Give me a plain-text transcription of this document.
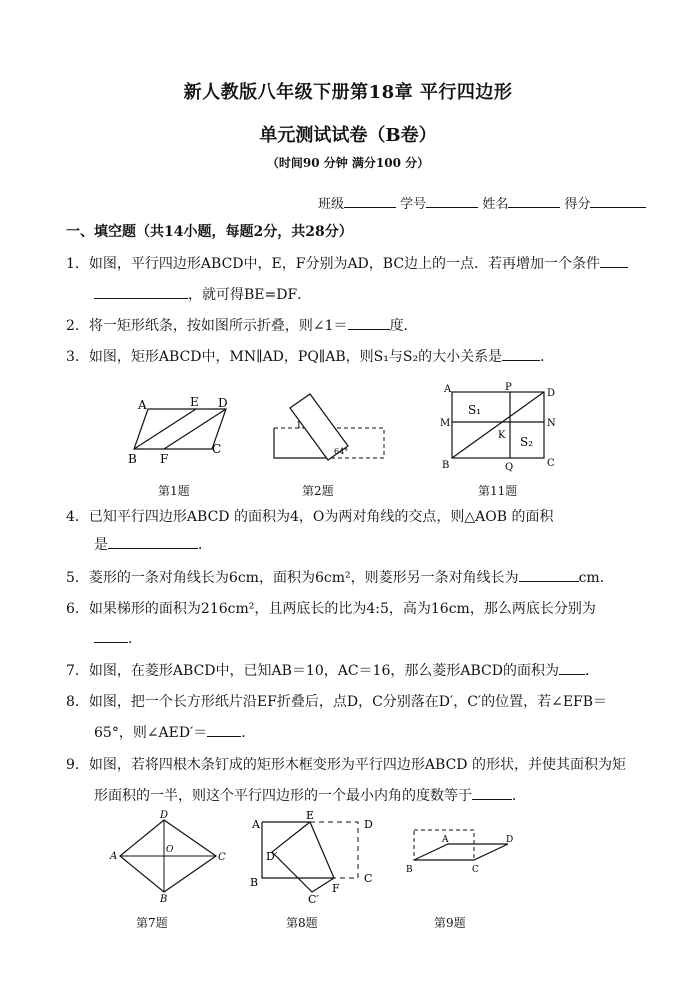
新人教版八年级下册第18章 平行四边形
单元测试试卷（B卷）
（时间90 分钟 满分100 分）
班级	学号	姓名	得分
一、填空题（共14小题，每题2分，共28分）
1．如图，平行四边形ABCD中，E，F分别为AD，BC边上的一点．若再增加一个条件
，就可得BE=DF．
2．将一矩形纸条，按如图所示折叠，则∠1＝	度．
3．如图，矩形ABCD中，MN∥AD，PQ∥AB，则S₁与S₂的大小关系是	．
A	E D
B F
C
1
64°
A	P
D
M	N
K
B	Q	C
S₁
S₂
第1题	第2题	第11题
4．已知平行四边形ABCD 的面积为4，O为两对角线的交点，则△AOB 的面积
是	．
5．菱形的一条对角线长为6cm，面积为6cm²，则菱形另一条对角线长为	cm．
6．如果梯形的面积为216cm²，且两底长的比为4:5，高为16cm，那么两底长分别为
．
7．如图，在菱形ABCD中，已知AB＝10，AC＝16，那么菱形ABCD的面积为 ．
8．如图，把一个长方形纸片沿EF折叠后，点D，C分别落在D′，C′的位置，若∠EFB＝
65°，则∠AED′＝ ．
9．如图，若将四根木条钉成的矩形木框变形为平行四边形ABCD 的形状，并使其面积为矩
形面积的一半，则这个平行四边形的一个最小内角的度数等于	．
D
A
O
C
B
A
E
D
D′
B	F
C
C′
A	D
B	C
第7题	第8题	第9题
